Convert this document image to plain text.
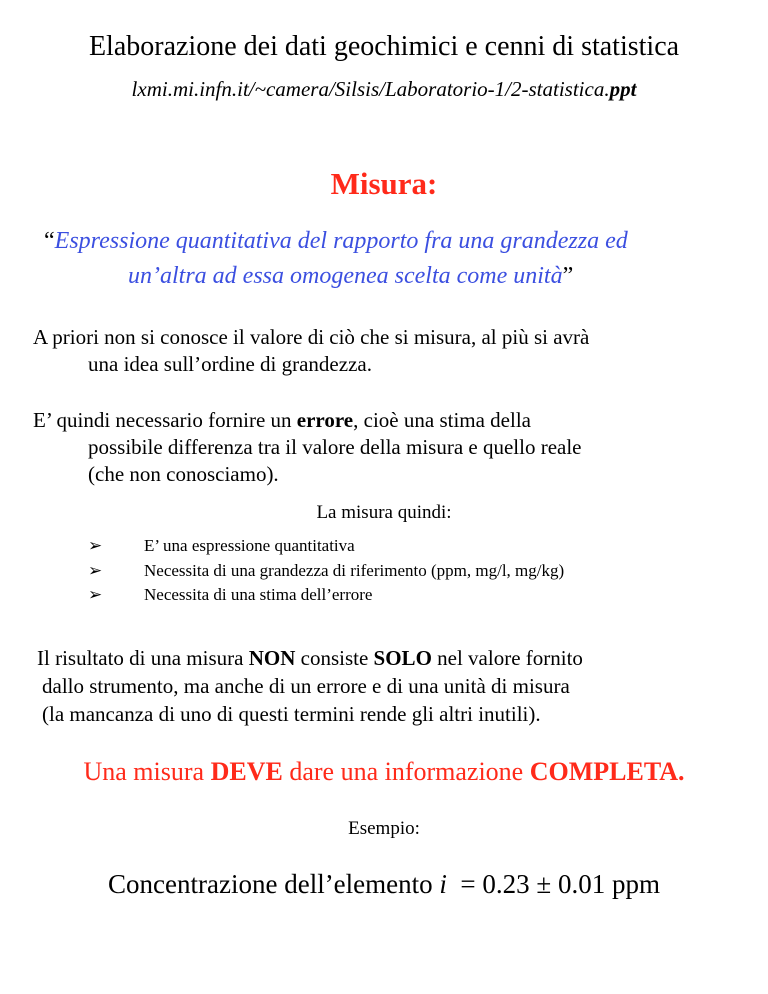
Elaborazione dei dati geochimici e cenni di statistica
lxmi.mi.infn.it/~camera/Silsis/Laboratorio-1/2-statistica.ppt
Misura:
“Espressione quantitativa del rapporto fra una grandezza ed
un’altra ad essa omogenea scelta come unità”
A priori non si conosce il valore di ciò che si misura, al più si avrà
una idea sull’ordine di grandezza.
E’ quindi necessario fornire un errore, cioè una stima della
possibile differenza tra il valore della misura e quello reale
(che non conosciamo).
La misura quindi:
➢ E’ una espressione quantitativa
➢ Necessita di una grandezza di riferimento (ppm, mg/l, mg/kg)
➢ Necessita di una stima dell’errore
Il risultato di una misura NON consiste SOLO nel valore fornito
dallo strumento, ma anche di un errore e di una unità di misura
(la mancanza di uno di questi termini rende gli altri inutili).
Una misura DEVE dare una informazione COMPLETA.
Esempio:
Concentrazione dell’elemento i  = 0.23 ± 0.01 ppm
